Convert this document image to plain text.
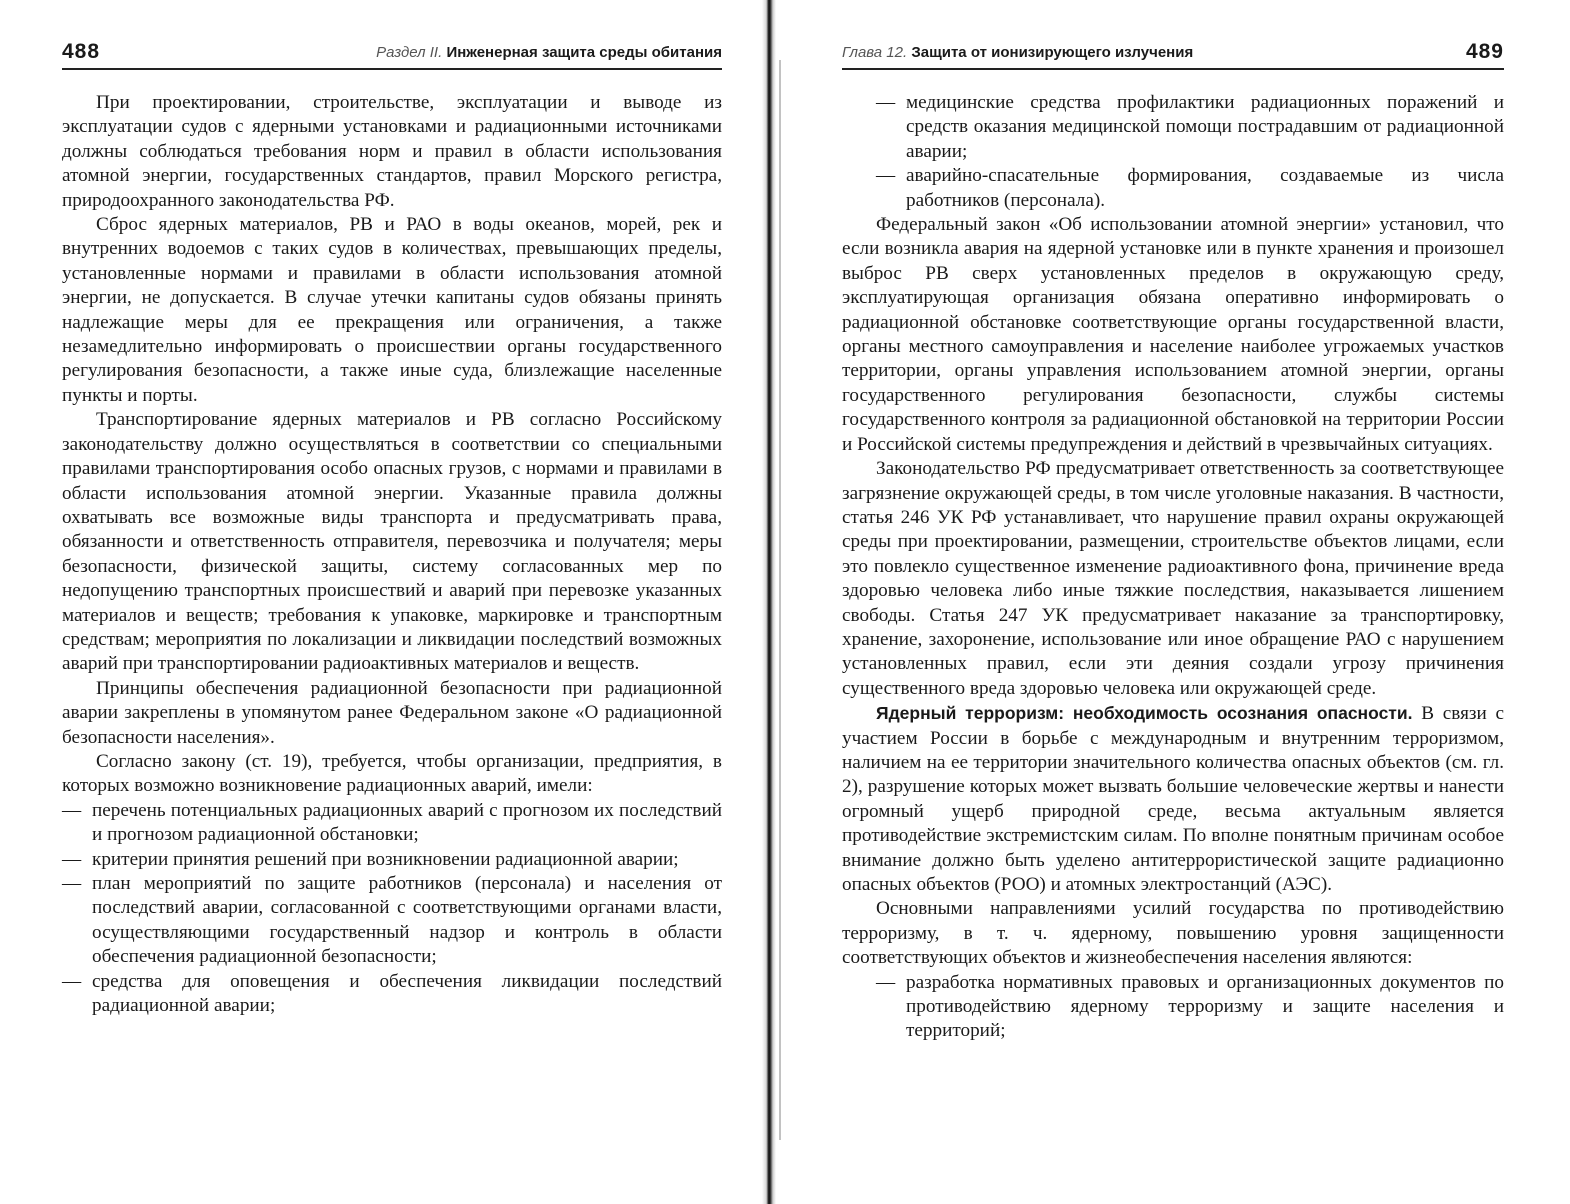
488	Раздел II. Инженерная защита среды обитания

При проектировании, строительстве, эксплуатации и выводе из эксплуатации судов с ядерными установками и радиационными источниками должны соблюдаться требования норм и правил в области использования атомной энергии, государственных стандартов, правил Морского регистра, природоохранного законодательства РФ.

Сброс ядерных материалов, РВ и РАО в воды океанов, морей, рек и внутренних водоемов с таких судов в количествах, превышающих пределы, установленные нормами и правилами в области использования атомной энергии, не допускается. В случае утечки капитаны судов обязаны принять надлежащие меры для ее прекращения или ограничения, а также незамедлительно информировать о происшествии органы государственного регулирования безопасности, а также иные суда, близлежащие населенные пункты и порты.

Транспортирование ядерных материалов и РВ согласно Российскому законодательству должно осуществляться в соответствии со специальными правилами транспортирования особо опасных грузов, с нормами и правилами в области использования атомной энергии. Указанные правила должны охватывать все возможные виды транспорта и предусматривать права, обязанности и ответственность отправителя, перевозчика и получателя; меры безопасности, физической защиты, систему согласованных мер по недопущению транспортных происшествий и аварий при перевозке указанных материалов и веществ; требования к упаковке, маркировке и транспортным средствам; мероприятия по локализации и ликвидации последствий возможных аварий при транспортировании радиоактивных материалов и веществ.

Принципы обеспечения радиационной безопасности при радиационной аварии закреплены в упомянутом ранее Федеральном законе «О радиационной безопасности населения».

Согласно закону (ст. 19), требуется, чтобы организации, предприятия, в которых возможно возникновение радиационных аварий, имели:

— перечень потенциальных радиационных аварий с прогнозом их последствий и прогнозом радиационной обстановки;
— критерии принятия решений при возникновении радиационной аварии;
— план мероприятий по защите работников (персонала) и населения от последствий аварии, согласованной с соответствующими органами власти, осуществляющими государственный надзор и контроль в области обеспечения радиационной безопасности;
— средства для оповещения и обеспечения ликвидации последствий радиационной аварии;
Глава 12. Защита от ионизирующего излучения	489
— медицинские средства профилактики радиационных поражений и средств оказания медицинской помощи пострадавшим от радиационной аварии;
— аварийно-спасательные формирования, создаваемые из числа работников (персонала).

Федеральный закон «Об использовании атомной энергии» установил, что если возникла авария на ядерной установке или в пункте хранения и произошел выброс РВ сверх установленных пределов в окружающую среду, эксплуатирующая организация обязана оперативно информировать о радиационной обстановке соответствующие органы государственной власти, органы местного самоуправления и население наиболее угрожаемых участков территории, органы управления использованием атомной энергии, органы государственного регулирования безопасности, службы системы государственного контроля за радиационной обстановкой на территории России и Российской системы предупреждения и действий в чрезвычайных ситуациях.

Законодательство РФ предусматривает ответственность за соответствующее загрязнение окружающей среды, в том числе уголовные наказания. В частности, статья 246 УК РФ устанавливает, что нарушение правил охраны окружающей среды при проектировании, размещении, строительстве объектов лицами, если это повлекло существенное изменение радиоактивного фона, причинение вреда здоровью человека либо иные тяжкие последствия, наказывается лишением свободы. Статья 247 УК предусматривает наказание за транспортировку, хранение, захоронение, использование или иное обращение РАО с нарушением установленных правил, если эти деяния создали угрозу причинения существенного вреда здоровью человека или окружающей среде.

Ядерный терроризм: необходимость осознания опасности. В связи с участием России в борьбе с международным и внутренним терроризмом, наличием на ее территории значительного количества опасных объектов (см. гл. 2), разрушение которых может вызвать большие человеческие жертвы и нанести огромный ущерб природной среде, весьма актуальным является противодействие экстремистским силам. По вполне понятным причинам особое внимание должно быть уделено антитеррористической защите радиационно опасных объектов (РОО) и атомных электростанций (АЭС).

Основными направлениями усилий государства по противодействию терроризму, в т. ч. ядерному, повышению уровня защищенности соответствующих объектов и жизнеобеспечения населения являются:

— разработка нормативных правовых и организационных документов по противодействию ядерному терроризму и защите населения и территорий;
